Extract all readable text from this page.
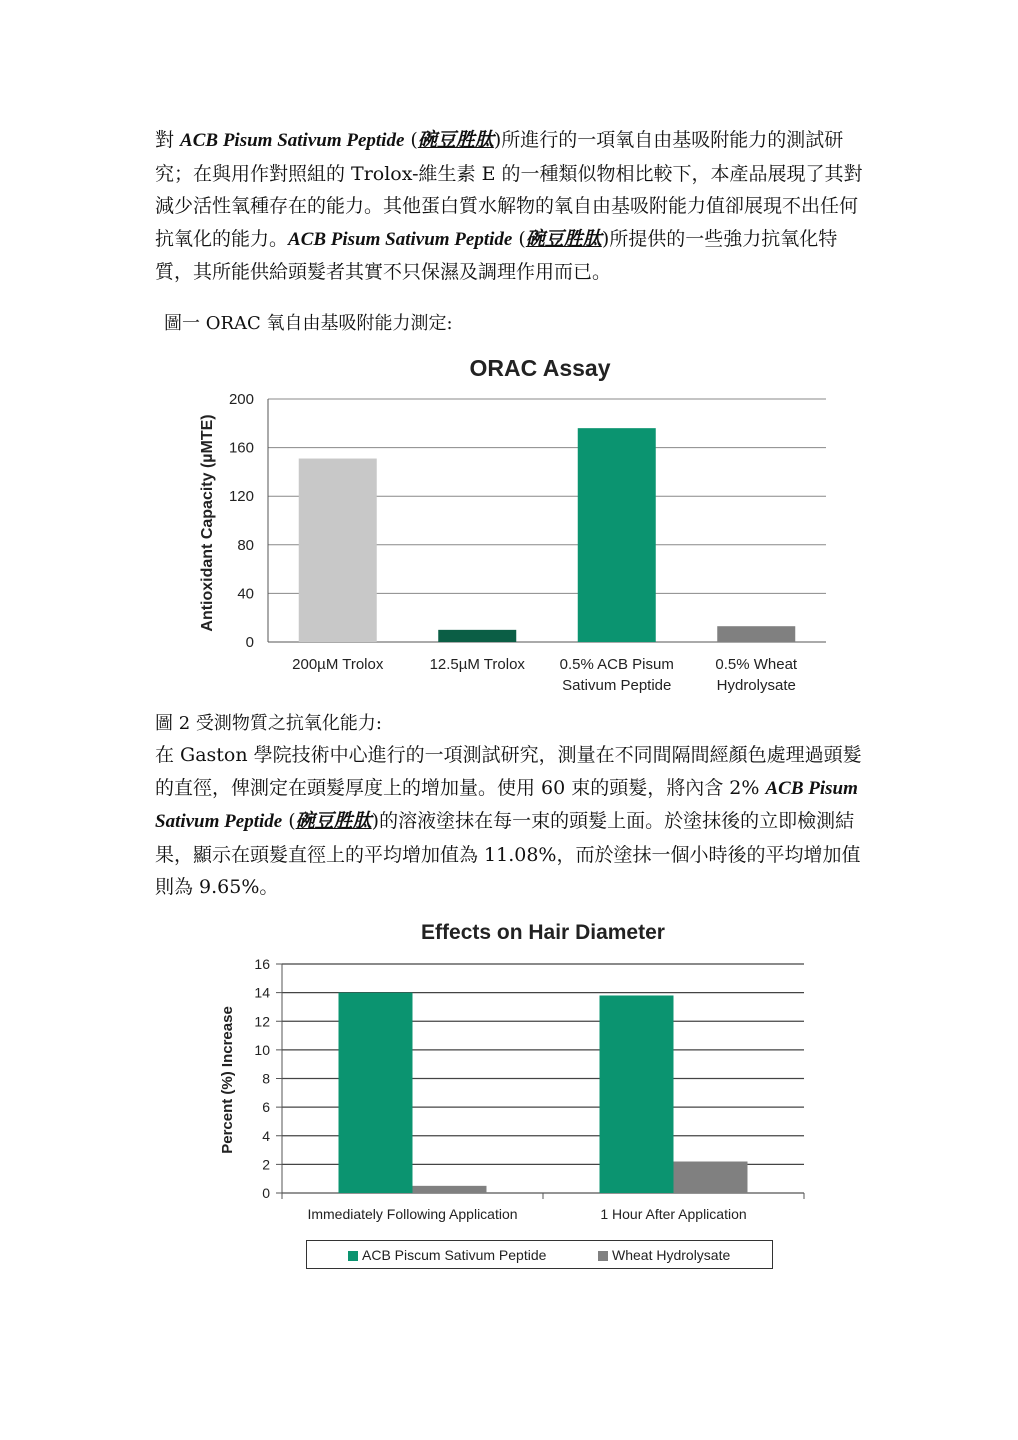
對 ACB Pisum Sativum Peptide (碗豆胜肽)所進行的一項氧自由基吸附能力的測試研究；在與用作對照組的 Trolox-維生素 E 的一種類似物相比較下，本產品展現了其對減少活性氧種存在的能力。其他蛋白質水解物的氧自由基吸附能力值卻展現不出任何抗氧化的能力。ACB Pisum Sativum Peptide (碗豆胜肽)所提供的一些強力抗氧化特質，其所能供給頭髮者其實不只保濕及調理作用而已。
圖一 ORAC 氧自由基吸附能力測定:
ORAC Assay
Antioxidant Capacity (µMTE)
0
40
80
120
160
200
200µM Trolox	12.5µM Trolox 0.5% ACB Pisum
Sativum Peptide
0.5% Wheat
Hydrolysate
圖 2 受測物質之抗氧化能力:
在 Gaston 學院技術中心進行的一項測試研究，測量在不同間隔間經顏色處理過頭髮的直徑，俾測定在頭髮厚度上的增加量。使用 60 束的頭髮，將內含 2% ACB Pisum Sativum Peptide (碗豆胜肽)的溶液塗抹在每一束的頭髮上面。於塗抹後的立即檢測結果，顯示在頭髮直徑上的平均增加值為 11.08%，而於塗抹一個小時後的平均增加值則為 9.65%。
Effects on Hair Diameter
Percent (%) Increase
0
2
4
6
8
10
12
14
16
Immediately Following Application	1 Hour After Application
ACB Piscum Sativum Peptide	Wheat Hydrolysate
